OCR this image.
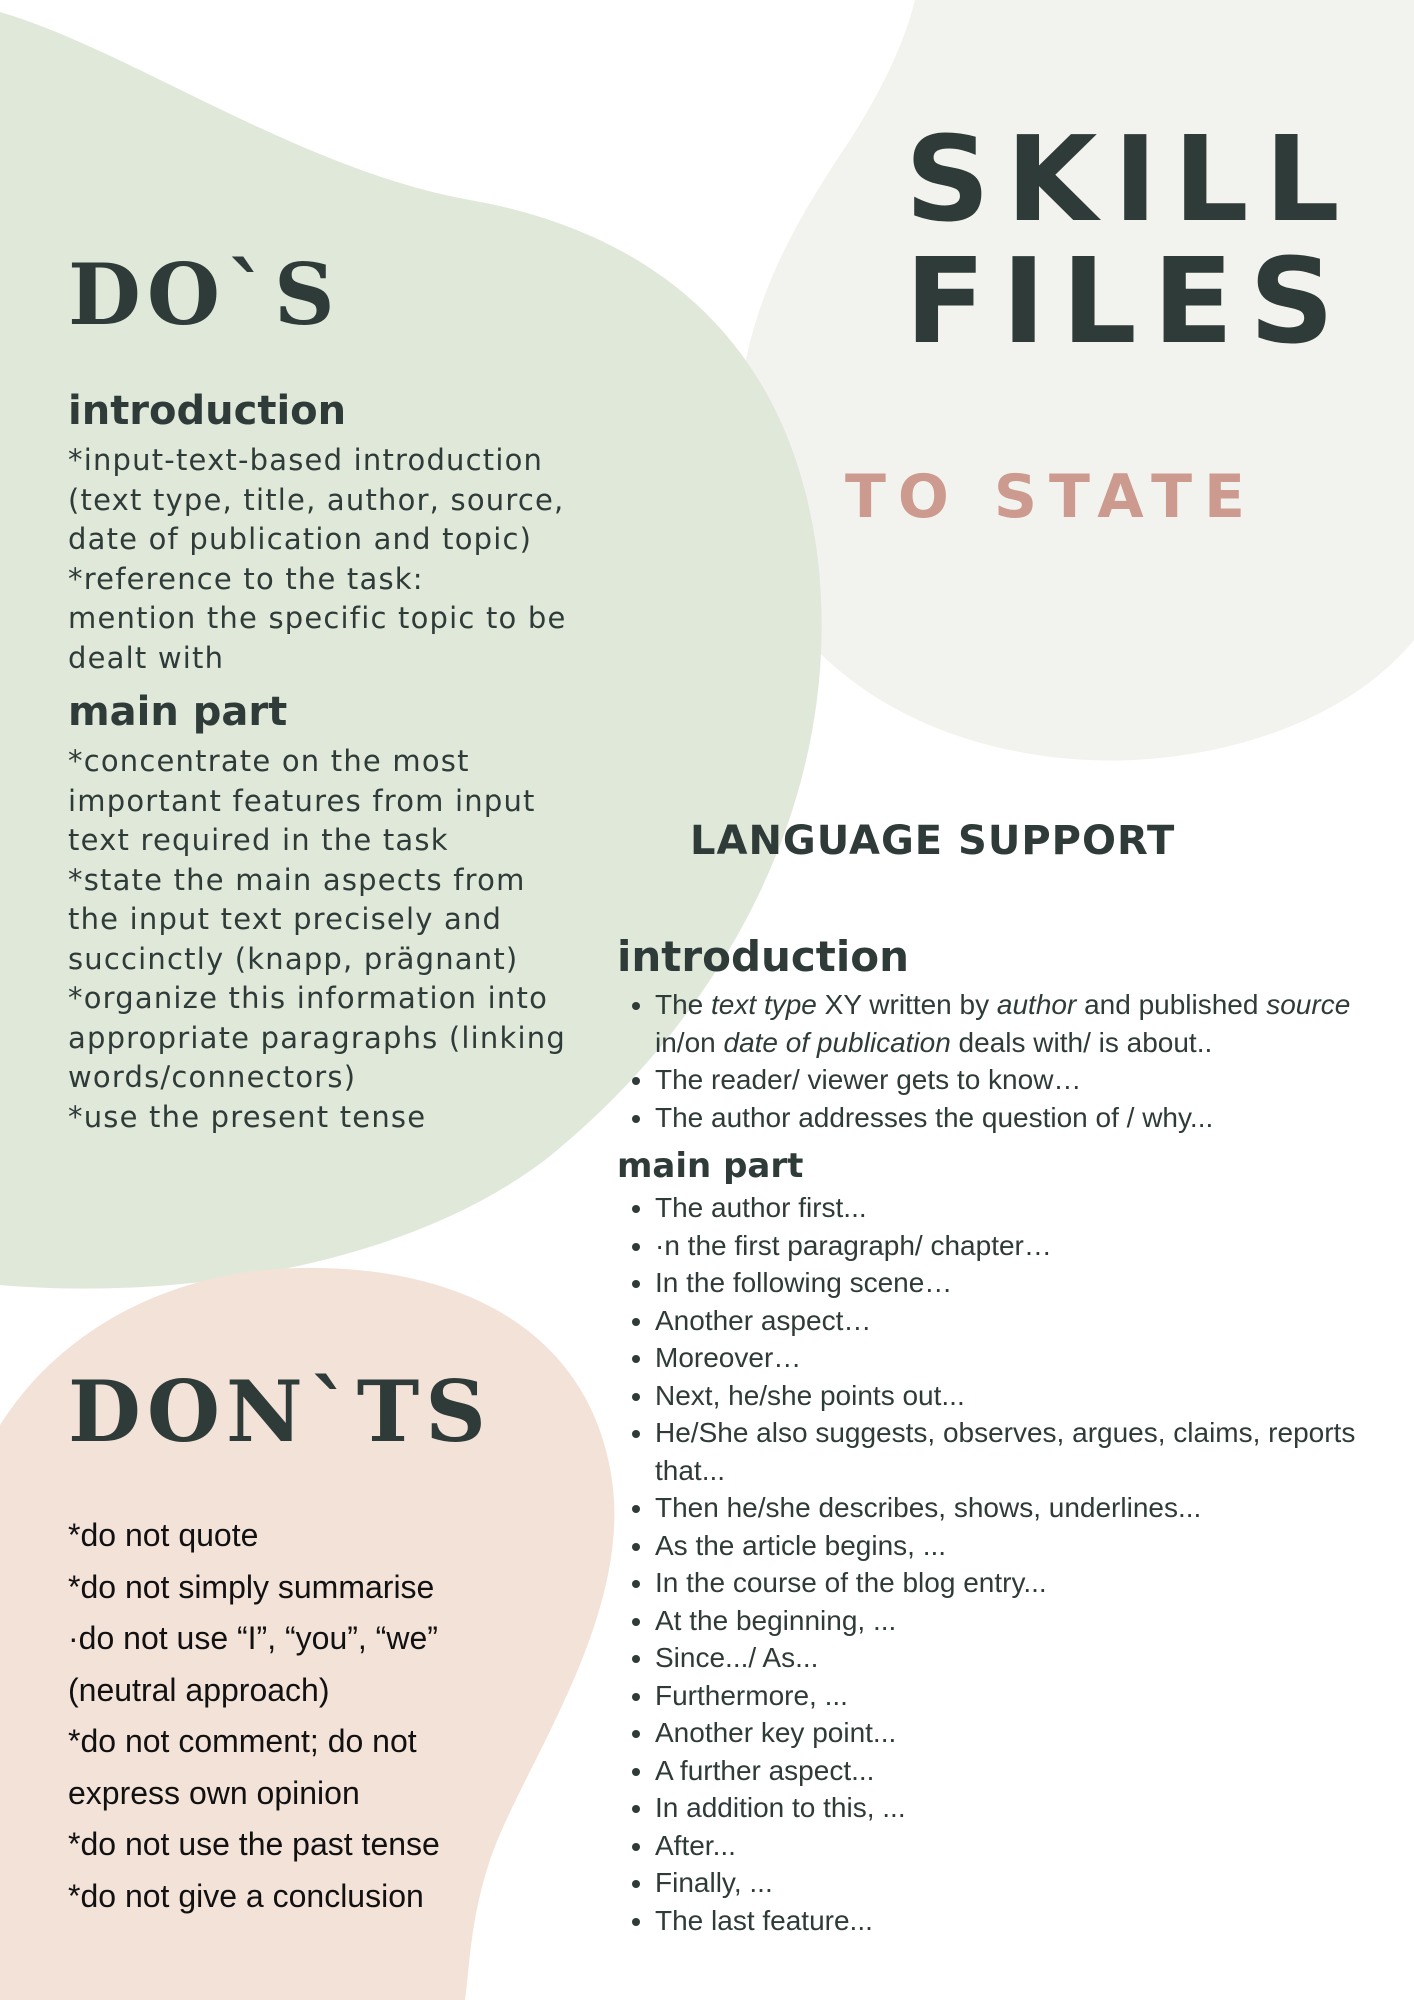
SKILL
FILES
TO STATE
DO`S
introduction
*input-text-based introduction
(text type, title, author, source,
date of publication and topic)
*reference to the task:
mention the specific topic to be
dealt with
main part
*concentrate on the most
important features from input
text required in the task
*state the main aspects from
the input text precisely and
succinctly (knapp, prägnant)
*organize this information into
appropriate paragraphs (linking
words/connectors)
*use the present tense
DON`TS
*do not quote
*do not simply summarise
·do not use “I”, “you”, “we”
(neutral approach)
*do not comment; do not
express own opinion
*do not use the past tense
*do not give a conclusion
LANGUAGE SUPPORT
introduction
• The text type XY written by author and published source in/on date of publication deals with/ is about..
• The reader/ viewer gets to know…
• The author addresses the question of / why...
main part
• The author first...
• ·n the first paragraph/ chapter…
• In the following scene…
• Another aspect…
• Moreover…
• Next, he/she points out...
• He/She also suggests, observes, argues, claims, reports that...
• Then he/she describes, shows, underlines...
• As the article begins, ...
• In the course of the blog entry...
• At the beginning, ...
• Since.../ As...
• Furthermore, ...
• Another key point...
• A further aspect...
• In addition to this, ...
• After...
• Finally, ...
• The last feature...
